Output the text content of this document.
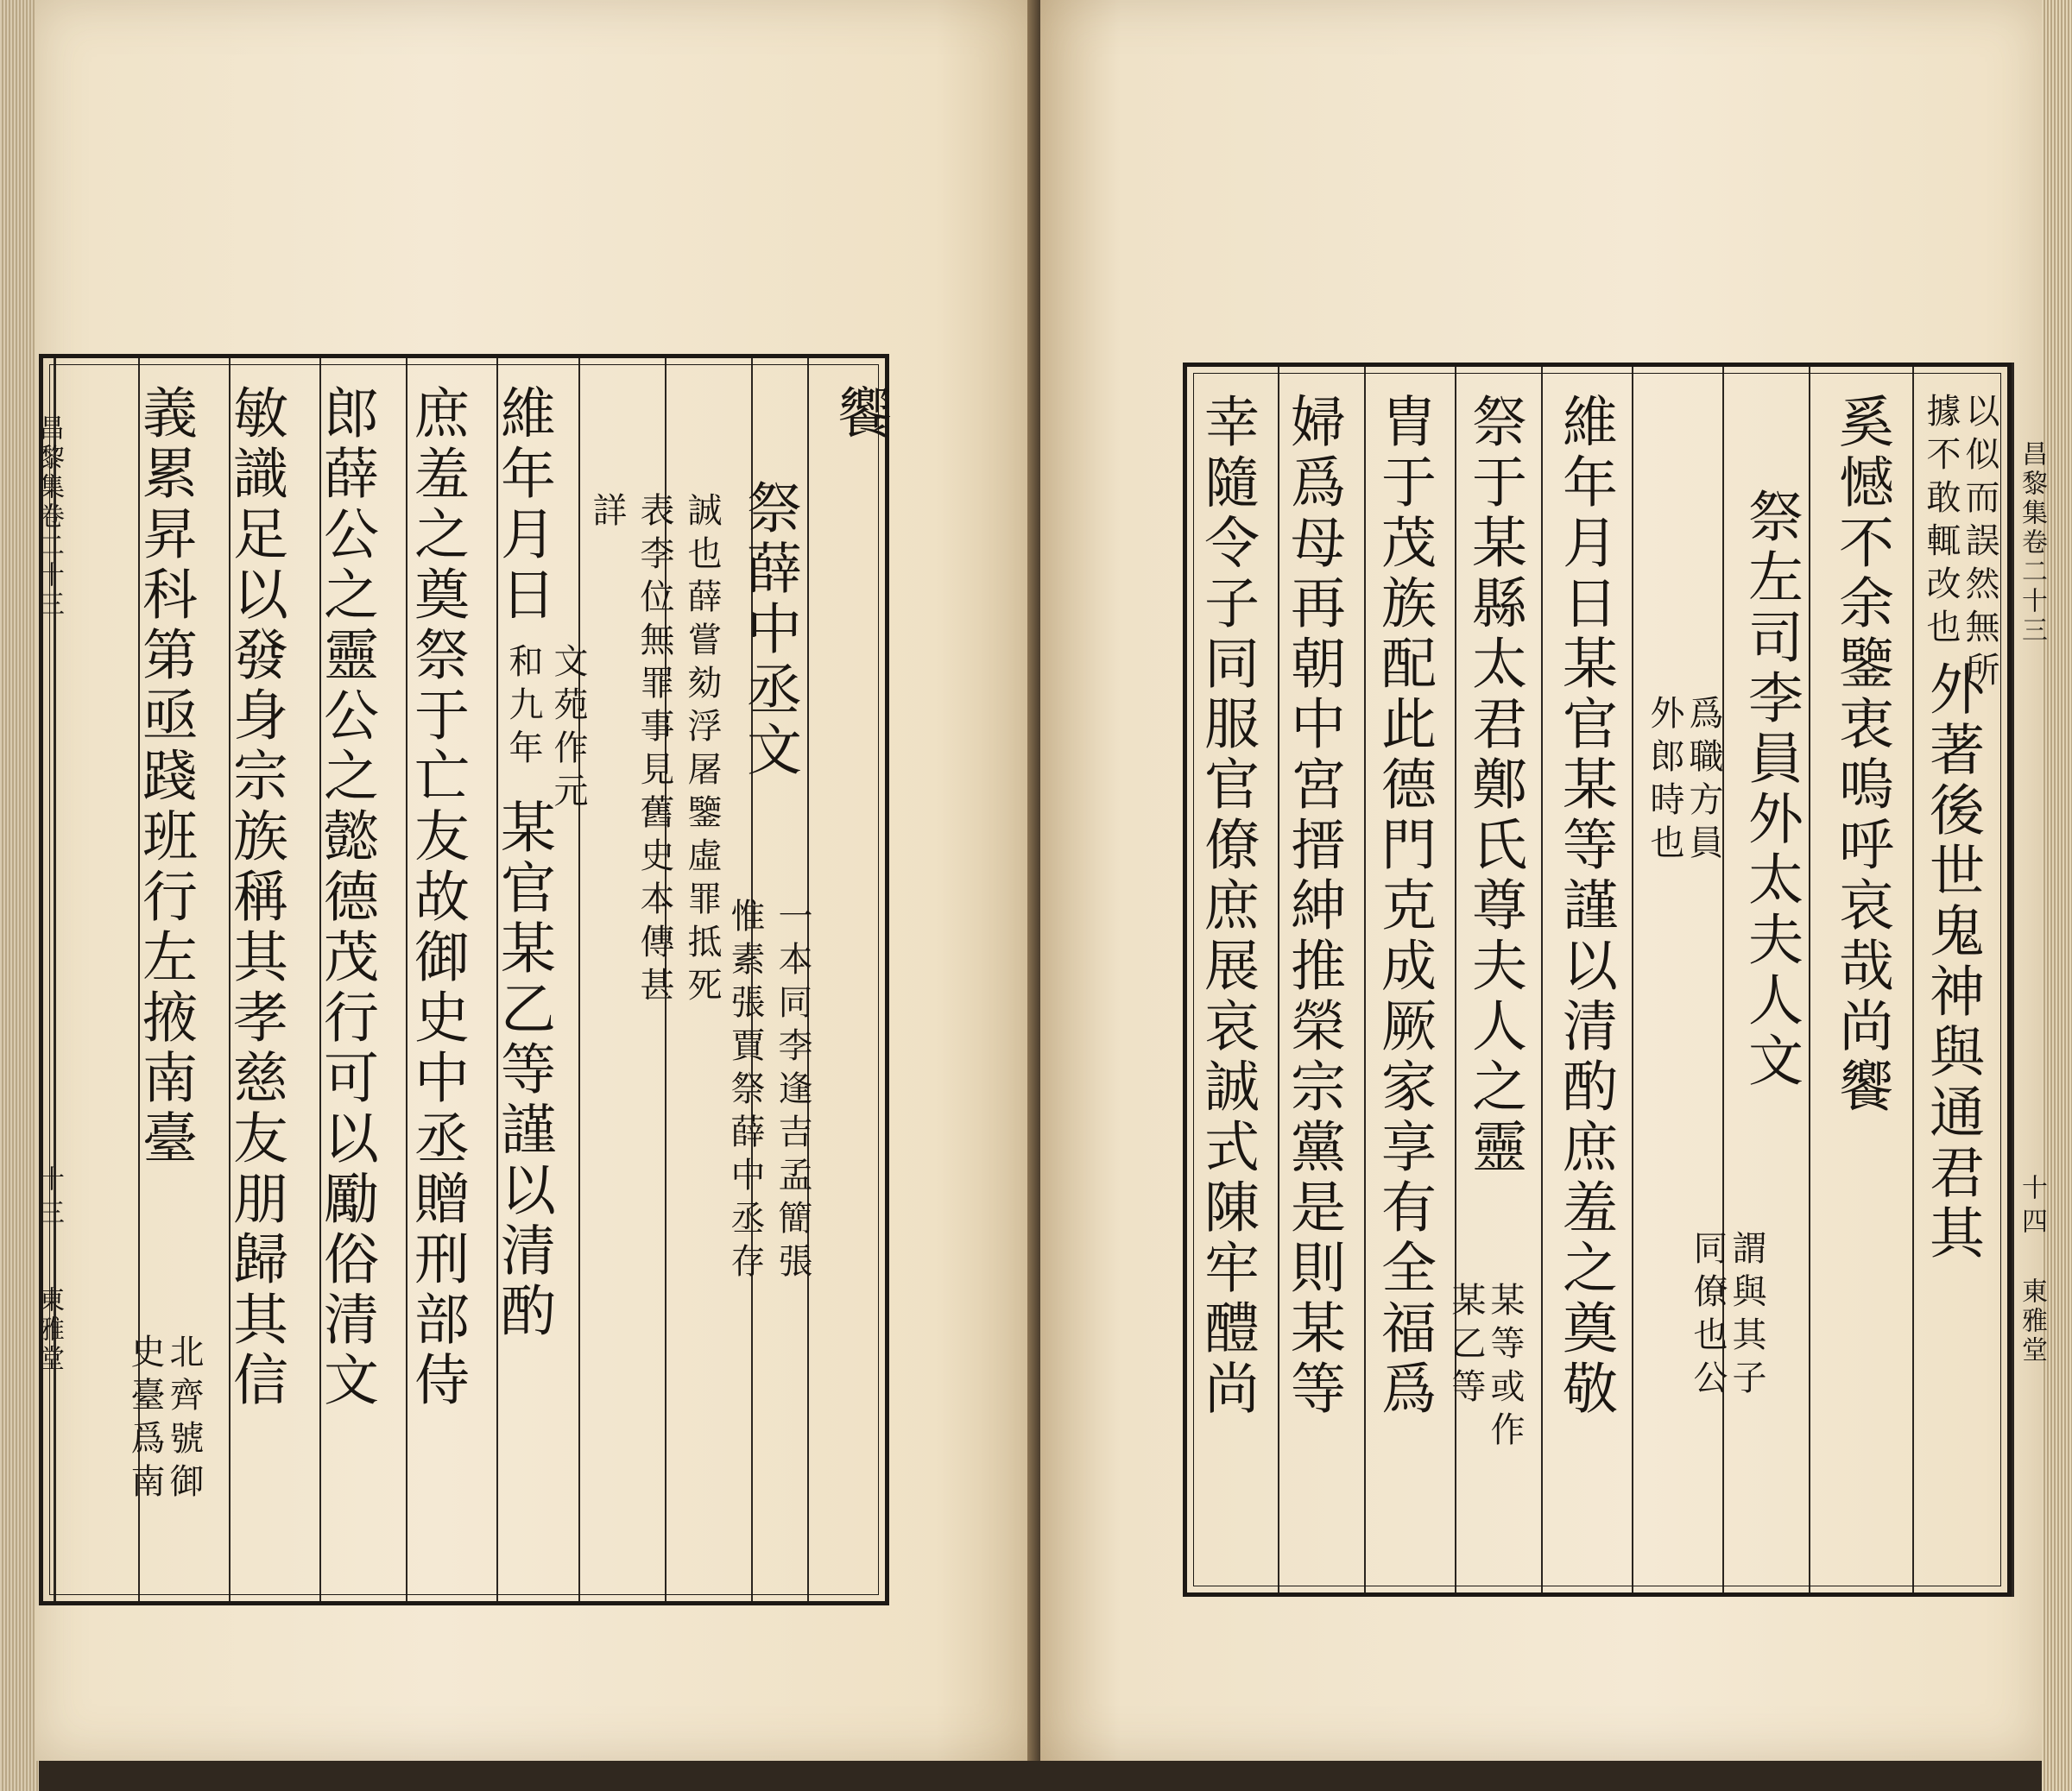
昌黎集卷二十三
十三
東雅堂
饗
祭薛中丞文
一本同李逢吉孟簡張
惟素張賈祭薛中丞存
誠也薛嘗劾浮屠鑒虛罪抵死
表李位無罪事見舊史本傳甚
詳
維年月日
文苑作元
和九年
某官某乙等謹以清酌
庶羞之奠祭于亡友故御史中丞贈刑部侍
郎薛公之靈公之懿德茂行可以勵俗清文
敏識足以發身宗族稱其孝慈友朋歸其信
義累昇科第亟踐班行左掖南臺
北齊號御
史臺爲南
以似而誤然無所
據不敢輒改也
外著後世鬼神與通君其
奚憾不余鑒衷嗚呼哀哉尚饗
祭左司李員外太夫人文
謂與其子
同僚也公
爲職方員
外郎時也
維年月日某官某等謹以清酌庶羞之奠敬
祭于某縣太君鄭氏尊夫人之靈
某等或作
某乙等
胄于茂族配此德門克成厥家享有全福爲
婦爲母再朝中宮搢紳推榮宗黨是則某等
幸隨令子同服官僚庶展哀誠式陳牢醴尚	昌黎集卷二十三
十四
東雅堂
